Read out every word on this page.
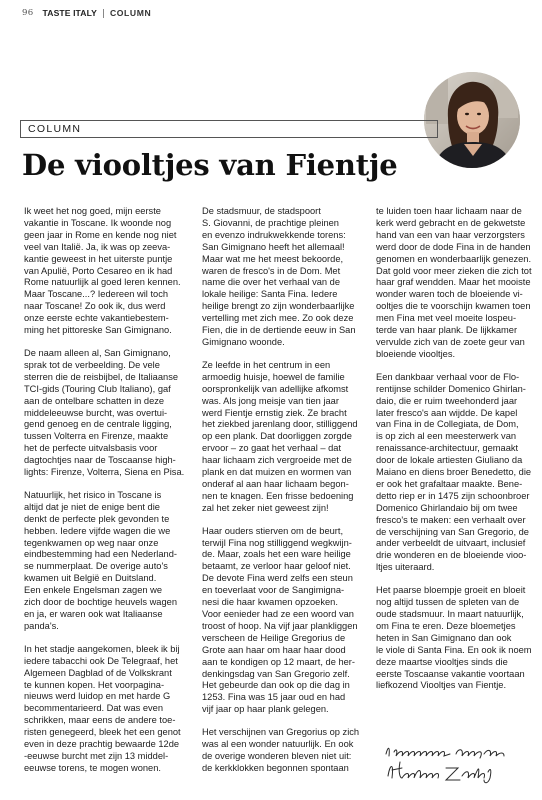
96 TASTE ITALY COLUMN
COLUMN
De viooltjes van Fientje

Ik weet het nog goed, mijn eerste
vakantie in Toscane. Ik woonde nog
geen jaar in Rome en kende nog niet
veel van Italië. Ja, ik was op zeeva-
kantie geweest in het uiterste puntje
van Apulië, Porto Cesareo en ik had
Rome natuurlijk al goed leren kennen.
Maar Toscane...? Iedereen wil toch
naar Toscane! Zo ook ik, dus werd
onze eerste echte vakantiebestem-
ming het pittoreske San Gimignano.

De naam alleen al, San Gimignano,
sprak tot de verbeelding. De vele
sterren die de reisbijbel, de Italiaanse
TCI-gids (Touring Club Italiano), gaf
aan de ontelbare schatten in deze
middeleeuwse burcht, was overtui-
gend genoeg en de centrale ligging,
tussen Volterra en Firenze, maakte
het de perfecte uitvalsbasis voor
dagtochtjes naar de Toscaanse high-
lights: Firenze, Volterra, Siena en Pisa.

Natuurlijk, het risico in Toscane is
altijd dat je niet de enige bent die
denkt de perfecte plek gevonden te
hebben. Iedere vijfde wagen die we
tegenkwamen op weg naar onze
eindbestemming had een Nederland-
se nummerplaat. De overige auto's
kwamen uit België en Duitsland.
Een enkele Engelsman zagen we
zich door de bochtige heuvels wagen
en ja, er waren ook wat Italiaanse
panda's.

In het stadje aangekomen, bleek ik bij
iedere tabacchi ook De Telegraaf, het
Algemeen Dagblad of de Volkskrant
te kunnen kopen. Het voorpagina-
nieuws werd luidop en met harde G
becommentarieerd. Dat was even
schrikken, maar eens de andere toe-
risten genegeerd, bleek het een genot
even in deze prachtig bewaarde 12de
-eeuwse burcht met zijn 13 middel-
eeuwse torens, te mogen wonen.

De stadsmuur, de stadspoort
S. Giovanni, de prachtige pleinen
en evenzo indrukwekkende torens:
San Gimignano heeft het allemaal!
Maar wat me het meest bekoorde,
waren de fresco's in de Dom. Met
name die over het verhaal van de
lokale heilige: Santa Fina. Iedere
heilige brengt zo zijn wonderbaarlijke
vertelling met zich mee. Zo ook deze
Fien, die in de dertiende eeuw in San
Gimignano woonde.

Ze leefde in het centrum in een
armoedig huisje, hoewel de familie
oorspronkelijk van adellijke afkomst
was. Als jong meisje van tien jaar
werd Fientje ernstig ziek. Ze bracht
het ziekbed jarenlang door, stilliggend
op een plank. Dat doorliggen zorgde
ervoor – zo gaat het verhaal – dat
haar lichaam zich vergroeide met de
plank en dat muizen en wormen van
onderaf al aan haar lichaam begon-
nen te knagen. Een frisse bedoening
zal het zeker niet geweest zijn!

Haar ouders stierven om de beurt,
terwijl Fina nog stilliggend wegkwijn-
de. Maar, zoals het een ware heilige
betaamt, ze verloor haar geloof niet.
De devote Fina werd zelfs een steun
en toeverlaat voor de Sangimigna-
nesi die haar kwamen opzoeken.
Voor eenieder had ze een woord van
troost of hoop. Na vijf jaar plankliggen
verscheen de Heilige Gregorius de
Grote aan haar om haar haar dood
aan te kondigen op 12 maart, de her-
denkingsdag van San Gregorio zelf.
Het gebeurde dan ook op die dag in
1253. Fina was 15 jaar oud en had
vijf jaar op haar plank gelegen.

Het verschijnen van Gregorius op zich
was al een wonder natuurlijk. En ook
de overige wonderen bleven niet uit:
de kerkklokken begonnen spontaan

te luiden toen haar lichaam naar de
kerk werd gebracht en de gekwetste
hand van een van haar verzorgsters
werd door de dode Fina in de handen
genomen en wonderbaarlijk genezen.
Dat gold voor meer zieken die zich tot
haar graf wendden. Maar het mooiste
wonder waren toch de bloeiende vi-
ooltjes die te voorschijn kwamen toen
men Fina met veel moeite lospeu-
terde van haar plank. De lijkkamer
vervulde zich van de zoete geur van
bloeiende viooltjes.

Een dankbaar verhaal voor de Flo-
rentijnse schilder Domenico Ghirlan-
daio, die er ruim tweehonderd jaar
later fresco's aan wijdde. De kapel
van Fina in de Collegiata, de Dom,
is op zich al een meesterwerk van
renaissance-architectuur, gemaakt
door de lokale artiesten Giuliano da
Maiano en diens broer Benedetto, die
er ook het grafaltaar maakte. Bene-
detto riep er in 1475 zijn schoonbroer
Domenico Ghirlandaio bij om twee
fresco's te maken: een verhaalt over
de verschijning van San Gregorio, de
ander verbeeldt de uitvaart, inclusief
drie wonderen en de bloeiende vioo-
ltjes uiteraard.

Het paarse bloempje groeit en bloeit
nog altijd tussen de spleten van de
oude stadsmuur. In maart natuurlijk,
om Fina te eren. Deze bloemetjes
heten in San Gimignano dan ook
le viole di Santa Fina. En ook ik noem
deze maartse viooltjes sinds die
eerste Toscaanse vakantie voortaan
liefkozend Viooltjes van Fientje.
